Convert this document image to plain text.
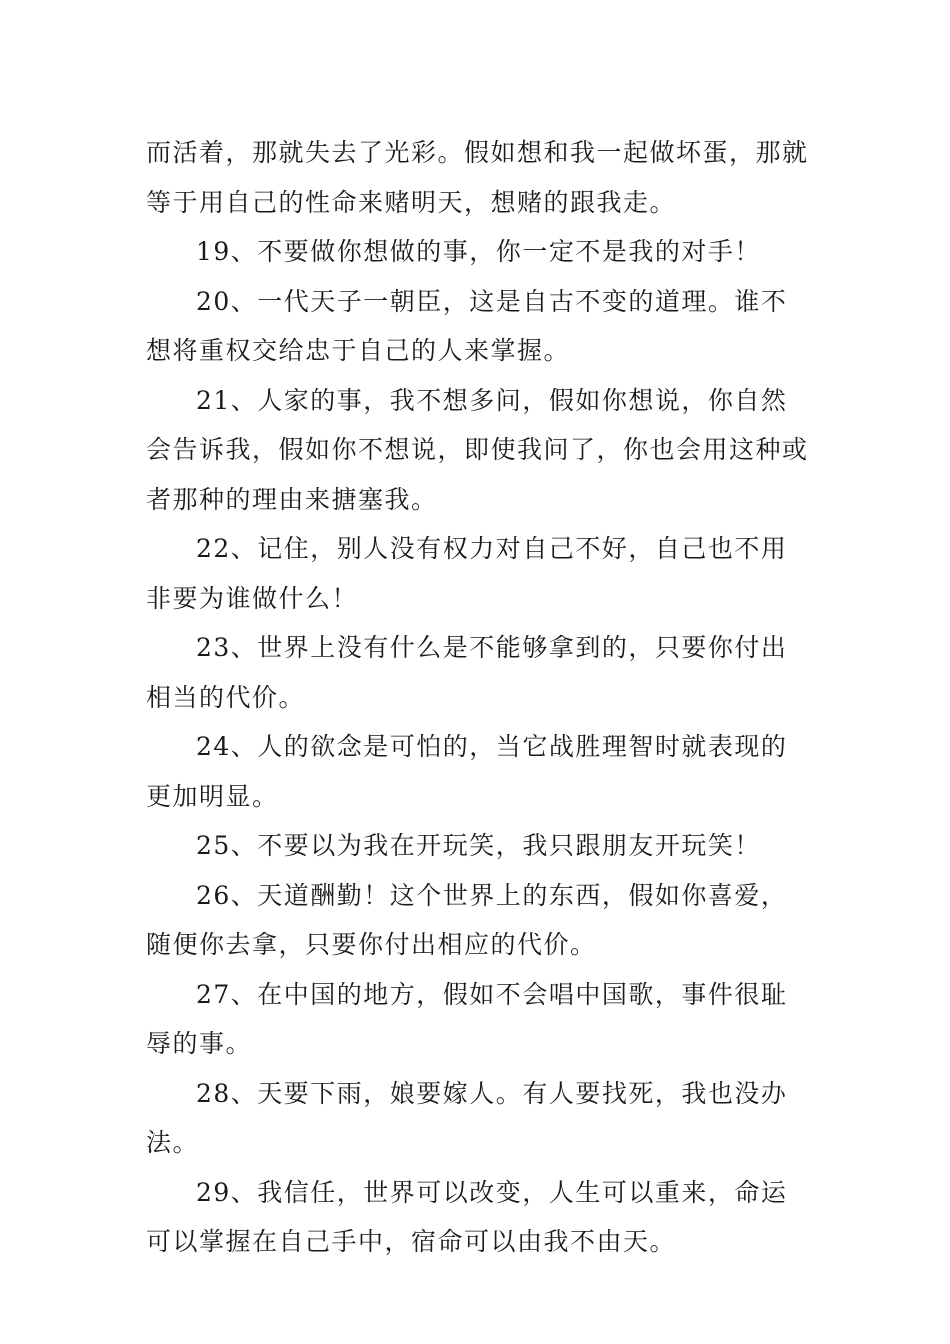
而活着，那就失去了光彩。假如想和我一起做坏蛋，那就等于用自己的性命来赌明天，想赌的跟我走。

19、不要做你想做的事，你一定不是我的对手！

20、一代天子一朝臣，这是自古不变的道理。谁不想将重权交给忠于自己的人来掌握。

21、人家的事，我不想多问，假如你想说，你自然会告诉我，假如你不想说，即使我问了，你也会用这种或者那种的理由来搪塞我。

22、记住，别人没有权力对自己不好，自己也不用非要为谁做什么！

23、世界上没有什么是不能够拿到的，只要你付出相当的代价。

24、人的欲念是可怕的，当它战胜理智时就表现的更加明显。

25、不要以为我在开玩笑，我只跟朋友开玩笑！

26、天道酬勤！这个世界上的东西，假如你喜爱，随便你去拿，只要你付出相应的代价。

27、在中国的地方，假如不会唱中国歌，事件很耻辱的事。

28、天要下雨，娘要嫁人。有人要找死，我也没办法。

29、我信任，世界可以改变，人生可以重来，命运可以掌握在自己手中，宿命可以由我不由天。
